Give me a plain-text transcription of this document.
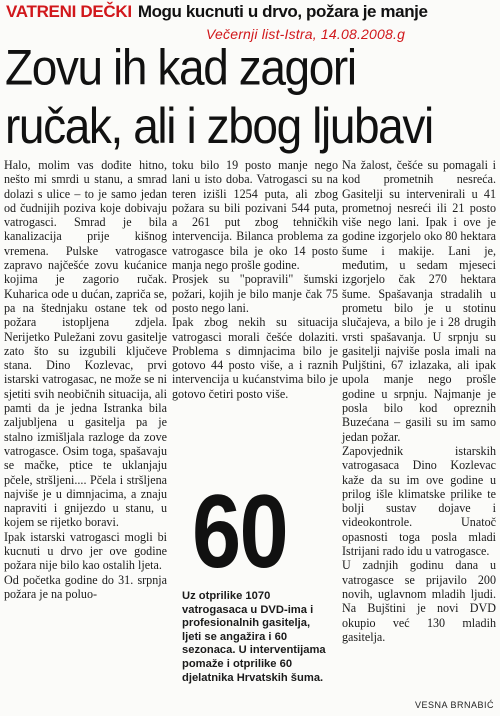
VATRENI DEČKI Mogu kucnuti u drvo, požara je manje
Večernji list-Istra, 14.08.2008.g
Zovu ih kad zagori
ručak, ali i zbog ljubavi

Halo, molim vas dođite hitno, nešto mi smrdi u stanu, a smrad dolazi s ulice – to je samo jedan od čudnijih poziva koje dobivaju vatrogasci. Smrad je bila kanalizacija prije kišnog vremena. Pulske vatrogasce zapravo najčešće zovu kućanice kojima je zagorio ručak. Kuharica ode u dućan, zapriča se, pa na štednjaku ostane tek od požara istopljena zdjela. Nerijetko Puležani zovu gasitelje zato što su izgubili ključeve stana. Dino Kozlevac, prvi istarski vatrogasac, ne može se ni sjetiti svih neobičnih situacija, ali pamti da je jedna Istranka bila zaljubljena u gasitelja pa je stalno izmišljala razloge da zove vatrogasce. Osim toga, spašavaju se mačke, ptice te uklanjaju pčele, stršljeni.... Pčela i stršljena najviše je u dimnjacima, a znaju napraviti i gnijezdo u stanu, u kojem se rijetko boravi.

Ipak istarski vatrogasci mogli bi kucnuti u drvo jer ove godine požara nije bilo kao ostalih ljeta.

Od početka godine do 31. srpnja požara je na poluo-

toku bilo 19 posto manje nego lani u isto doba. Vatrogasci su na teren izišli 1254 puta, ali zbog požara su bili pozivani 544 puta, a 261 put zbog tehničkih intervencija. Bilanca problema za vatrogasce bila je oko 14 posto manja nego prošle godine.

Prosjek su "popravili" šumski požari, kojih je bilo manje čak 75 posto nego lani.

Ipak zbog nekih su situacija vatrogasci morali češće dolaziti. Problema s dimnjacima bilo je gotovo 44 posto više, a i raznih intervencija u kućanstvima bilo je gotovo četiri posto više.

Na žalost, češće su pomagali i kod prometnih nesreća. Gasitelji su intervenirali u 41 prometnoj nesreći ili 21 posto više nego lani. Ipak i ove je godine izgorjelo oko 80 hektara šume i makije. Lani je, međutim, u sedam mjeseci izgorjelo čak 270 hektara šume. Spašavanja stradalih u prometu bilo je u stotinu slučajeva, a bilo je i 28 drugih vrsti spašavanja. U srpnju su gasitelji najviše posla imali na Puljštini, 67 izlazaka, ali ipak upola manje nego prošle godine u srpnju. Najmanje je posla bilo kod opreznih Buzećana – gasili su im samo jedan požar.

Zapovjednik istarskih vatrogasaca Dino Kozlevac kaže da su im ove godine u prilog išle klimatske prilike te bolji sustav dojave i videokontrole. Unatoč opasnosti toga posla mladi Istrijani rado idu u vatrogasce.

U zadnjih godinu dana u vatrogasce se prijavilo 200 novih, uglavnom mladih ljudi. Na Bujštini je novi DVD okupio već 130 mladih gasitelja.

60
Uz otprilike 1070 vatrogasaca u DVD-ima i profesionalnih gasitelja, ljeti se angažira i 60 sezonaca. U interventijama pomaže i otprilike 60 djelatnika Hrvatskih šuma.
VESNA BRNABIĆ
